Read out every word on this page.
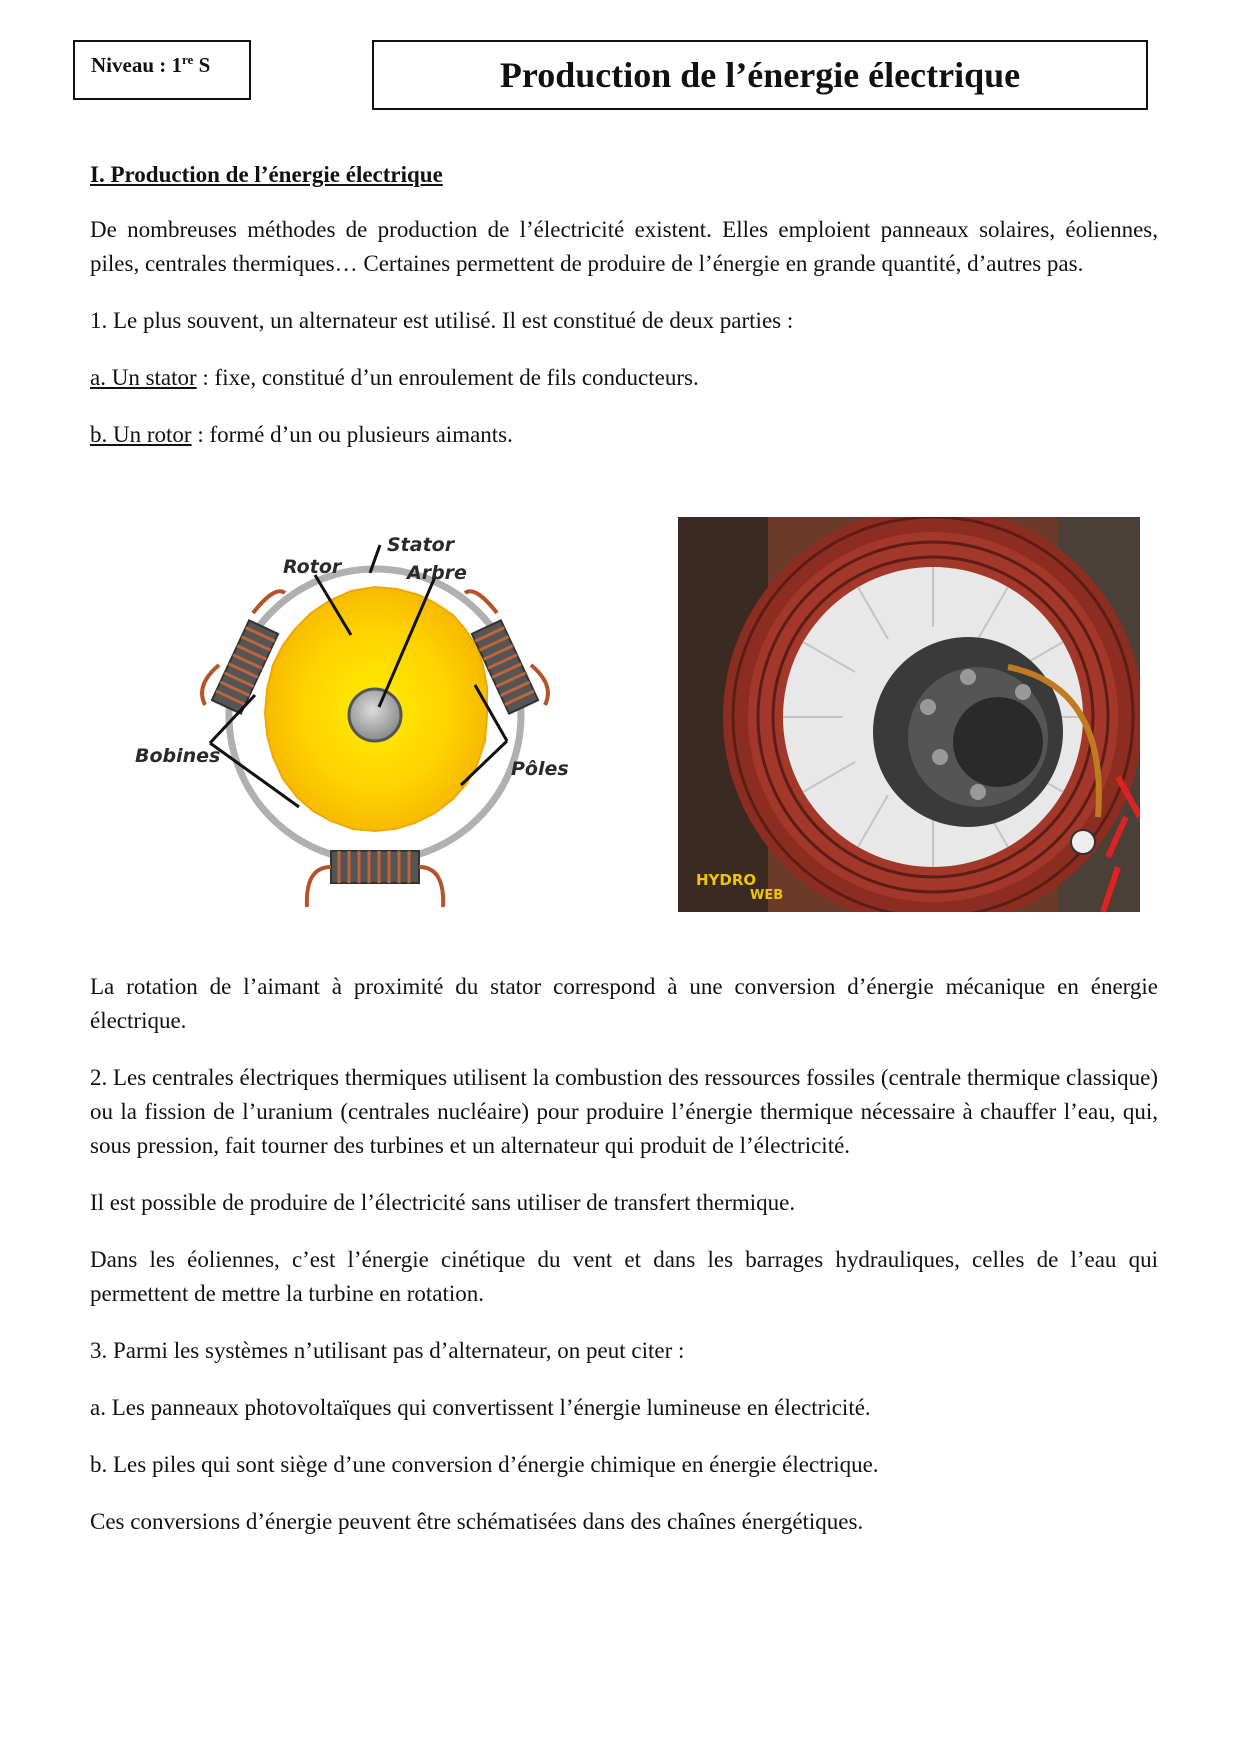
Niveau : 1re S	Production de l’énergie électrique

I. Production de l’énergie électrique

De nombreuses méthodes de production de l’électricité existent. Elles emploient panneaux solaires, éoliennes, piles, centrales thermiques… Certaines permettent de produire de l’énergie en grande quantité, d’autres pas.

1. Le plus souvent, un alternateur est utilisé. Il est constitué de deux parties :

a. Un stator : fixe, constitué d’un enroulement de fils conducteurs.

b. Un rotor : formé d’un ou plusieurs aimants.

Stator
Rotor	Arbre
Bobines
Pôles
HYDRO
WEB

La rotation de l’aimant à proximité du stator correspond à une conversion d’énergie mécanique en énergie électrique.

2. Les centrales électriques thermiques utilisent la combustion des ressources fossiles (centrale thermique classique) ou la fission de l’uranium (centrales nucléaire) pour produire l’énergie thermique nécessaire à chauffer l’eau, qui, sous pression, fait tourner des turbines et un alternateur qui produit de l’électricité.

Il est possible de produire de l’électricité sans utiliser de transfert thermique.

Dans les éoliennes, c’est l’énergie cinétique du vent et dans les barrages hydrauliques, celles de l’eau qui permettent de mettre la turbine en rotation.

3. Parmi les systèmes n’utilisant pas d’alternateur, on peut citer :

a. Les panneaux photovoltaïques qui convertissent l’énergie lumineuse en électricité.

b. Les piles qui sont siège d’une conversion d’énergie chimique en énergie électrique.

Ces conversions d’énergie peuvent être schématisées dans des chaînes énergétiques.
